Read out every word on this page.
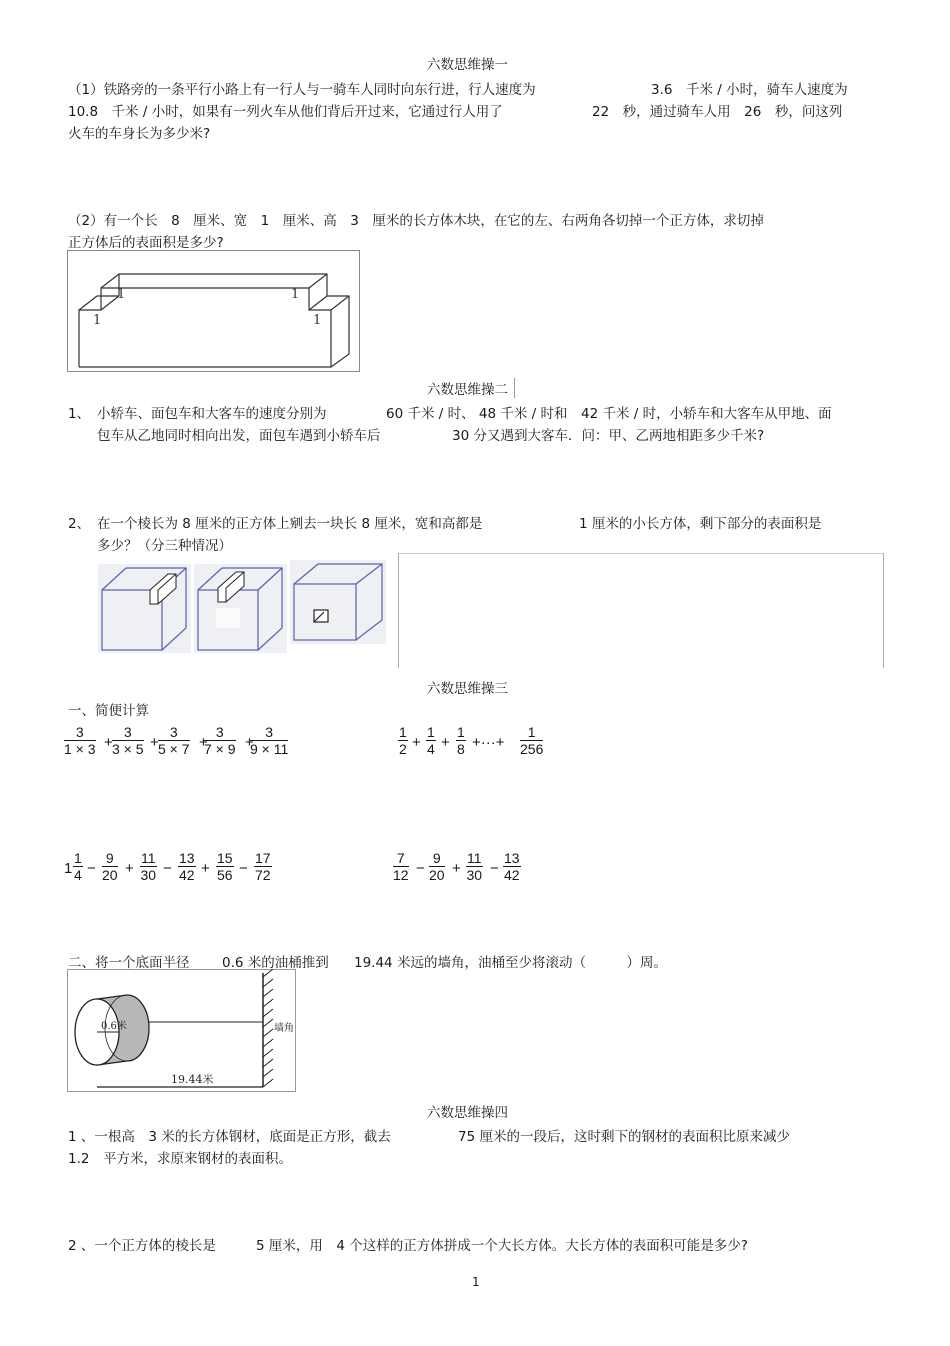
六数思维操一
（1）铁路旁的一条平行小路上有一行人与一骑车人同时向东行进，行人速度为	3.6　千米 / 小时，骑车人速度为
10.8　千米 / 小时，如果有一列火车从他们背后开过来，它通过行人用了	22　秒，通过骑车人用　26　秒，问这列
火车的车身长为多少米?
（2）有一个长　8　厘米、宽　1　厘米、高　3　厘米的长方体木块，在它的左、右两角各切掉一个正方体，求切掉
正方体后的表面积是多少?
1	1
1	1
六数思维操二
1、 小轿车、面包车和大客车的速度分别为	60 千米 / 时、 48 千米 / 时和　42 千米 / 时，小轿车和大客车从甲地、面
包车从乙地同时相向出发，面包车遇到小轿车后	30 分又遇到大客车．问：甲、乙两地相距多少千米?
2、 在一个棱长为 8 厘米的正方体上剜去一块长 8 厘米，宽和高都是	1 厘米的小长方体，剩下部分的表面积是
多少？（分三种情况）
六数思维操三
一、简便计算
3
1 × 3 +
3
3 × 5 +
3
5 × 7 +
3
7 × 9 +
3
9 × 11
1
2 +
1
4 +
1
8 +···+
1
256
1
1
4 −
9
20 +
11
30 −
13
42 +
15
56 −
17
72
7
12 −
9
20 +
11
30 −
13
42
二、将一个底面半径 0.6 米的油桶推到 19.44 米远的墙角，油桶至少将滚动（　　　）周。
0.6米
19.44米
墙角
六数思维操四
1 、一根高　3 米的长方体钢材，底面是正方形，截去	75 厘米的一段后，这时剩下的钢材的表面积比原来减少
1.2　平方米，求原来钢材的表面积。
2 、一个正方体的棱长是	5 厘米，用　4 个这样的正方体拼成一个大长方体。大长方体的表面积可能是多少?
1
